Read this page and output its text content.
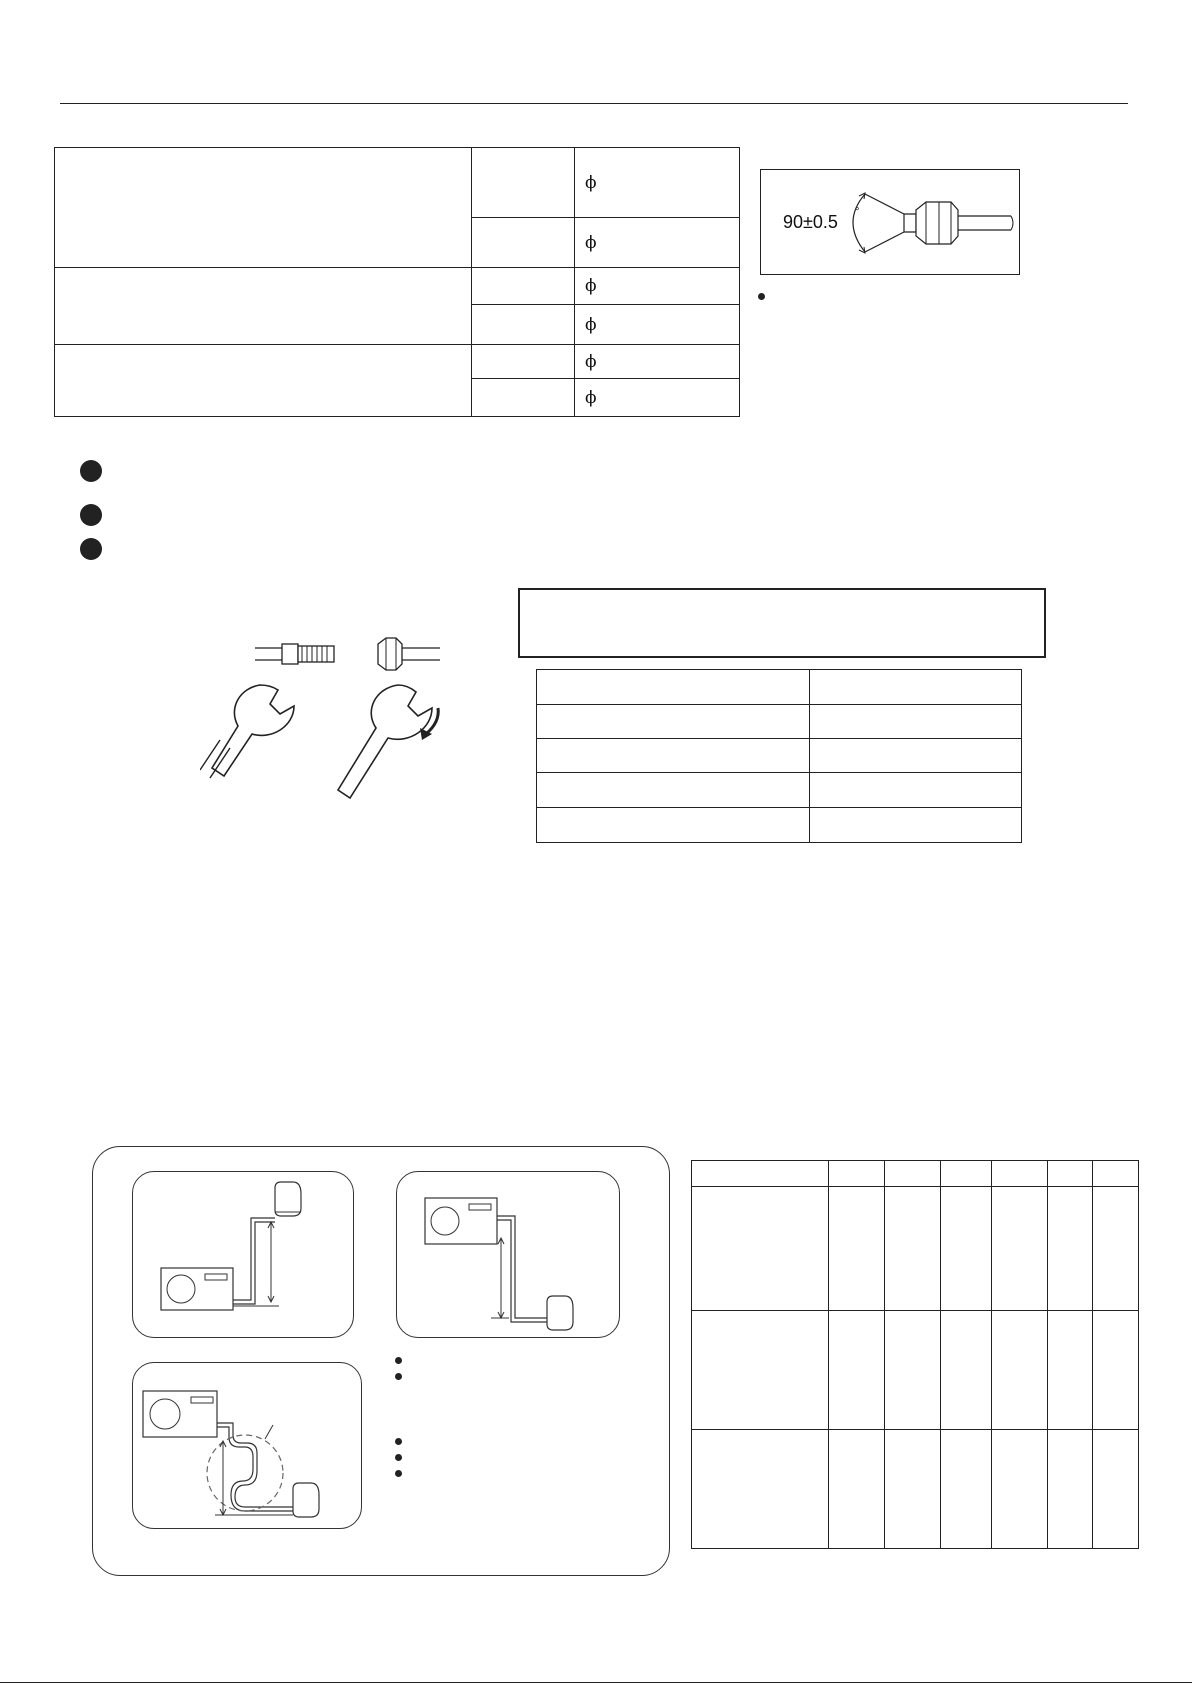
		ϕ
		ϕ
		ϕ
		ϕ
		ϕ
		ϕ
90±0.5 °
